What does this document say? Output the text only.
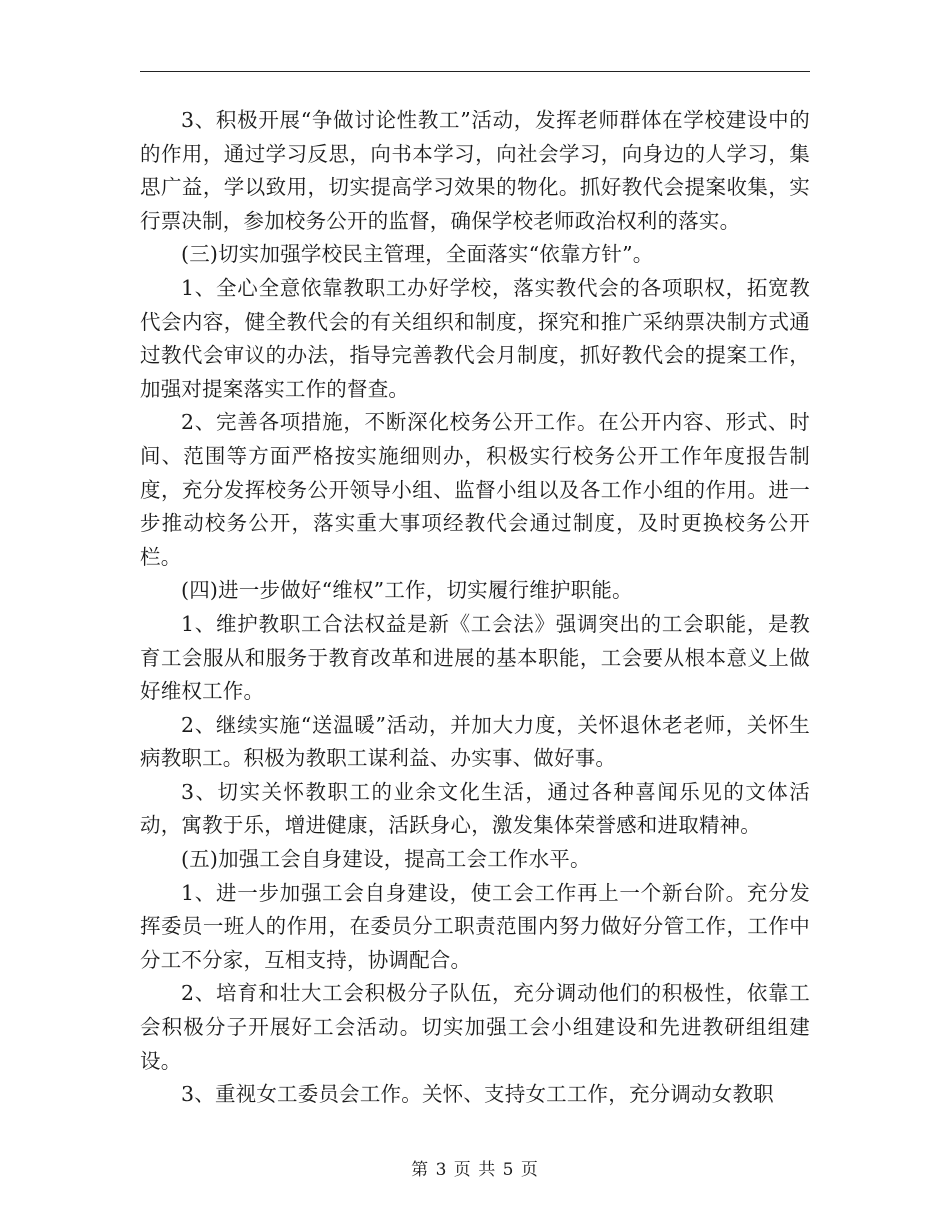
3、积极开展“争做讨论性教工”活动，发挥老师群体在学校建设中的的作用，通过学习反思，向书本学习，向社会学习，向身边的人学习，集思广益，学以致用，切实提高学习效果的物化。抓好教代会提案收集，实行票决制，参加校务公开的监督，确保学校老师政治权利的落实。

(三)切实加强学校民主管理，全面落实“依靠方针”。

1、全心全意依靠教职工办好学校，落实教代会的各项职权，拓宽教代会内容，健全教代会的有关组织和制度，探究和推广采纳票决制方式通过教代会审议的办法，指导完善教代会月制度，抓好教代会的提案工作，加强对提案落实工作的督查。

2、完善各项措施，不断深化校务公开工作。在公开内容、形式、时间、范围等方面严格按实施细则办，积极实行校务公开工作年度报告制度，充分发挥校务公开领导小组、监督小组以及各工作小组的作用。进一步推动校务公开，落实重大事项经教代会通过制度，及时更换校务公开栏。

(四)进一步做好“维权”工作，切实履行维护职能。

1、维护教职工合法权益是新《工会法》强调突出的工会职能，是教育工会服从和服务于教育改革和进展的基本职能，工会要从根本意义上做好维权工作。

2、继续实施“送温暖”活动，并加大力度，关怀退休老老师，关怀生病教职工。积极为教职工谋利益、办实事、做好事。

3、切实关怀教职工的业余文化生活，通过各种喜闻乐见的文体活动，寓教于乐，增进健康，活跃身心，激发集体荣誉感和进取精神。

(五)加强工会自身建设，提高工会工作水平。

1、进一步加强工会自身建设，使工会工作再上一个新台阶。充分发挥委员一班人的作用，在委员分工职责范围内努力做好分管工作，工作中分工不分家，互相支持，协调配合。

2、培育和壮大工会积极分子队伍，充分调动他们的积极性，依靠工会积极分子开展好工会活动。切实加强工会小组建设和先进教研组组建设。

3、重视女工委员会工作。关怀、支持女工工作，充分调动女教职

第 3 页 共 5 页
